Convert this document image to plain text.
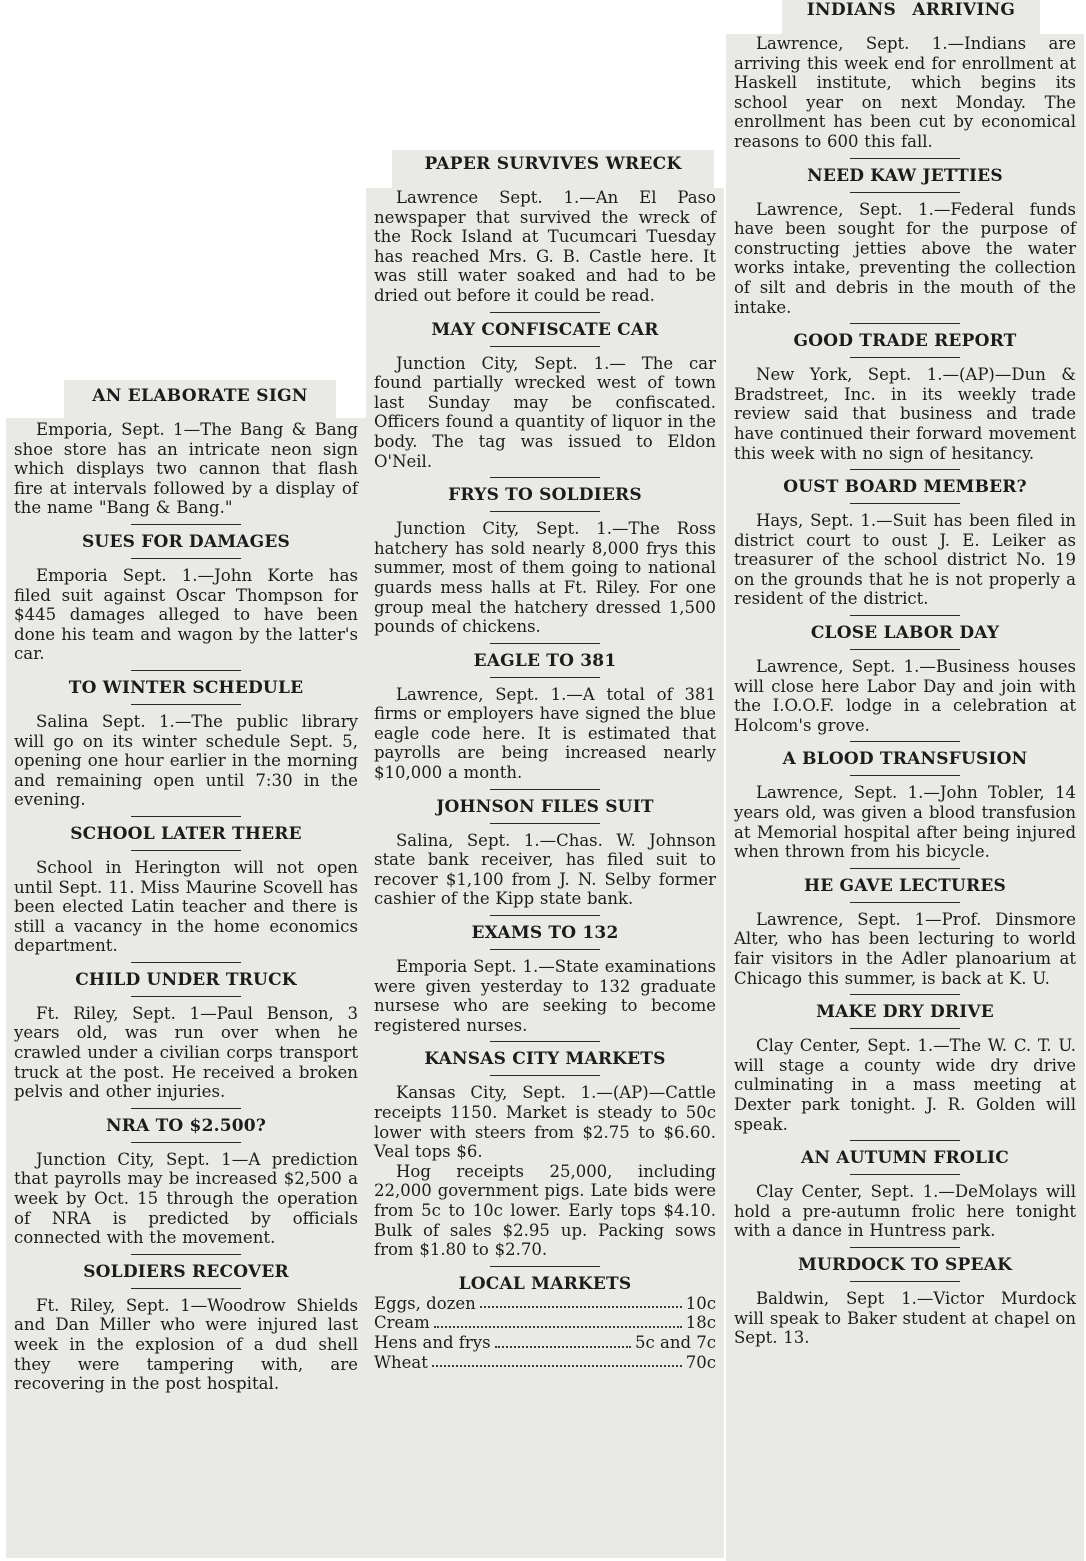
AN ELABORATE SIGN
PAPER SURVIVES WRECK
INDIANS ARRIVING

Emporia, Sept. 1—The Bang & Bang shoe store has an intricate neon sign which displays two cannon that flash fire at intervals followed by a display of the name "Bang & Bang."

SUES FOR DAMAGES

Emporia Sept. 1.—John Korte has filed suit against Oscar Thompson for $445 damages alleged to have been done his team and wagon by the latter's car.

TO WINTER SCHEDULE

Salina Sept. 1.—The public library will go on its winter schedule Sept. 5, opening one hour earlier in the morning and remaining open until 7:30 in the evening.

SCHOOL LATER THERE

School in Herington will not open until Sept. 11. Miss Maurine Scovell has been elected Latin teacher and there is still a vacancy in the home economics department.

CHILD UNDER TRUCK

Ft. Riley, Sept. 1—Paul Benson, 3 years old, was run over when he crawled under a civilian corps transport truck at the post. He received a broken pelvis and other injuries.

NRA TO $2.500?

Junction City, Sept. 1—A prediction that payrolls may be increased $2,500 a week by Oct. 15 through the operation of NRA is predicted by officials connected with the movement.

SOLDIERS RECOVER

Ft. Riley, Sept. 1—Woodrow Shields and Dan Miller who were injured last week in the explosion of a dud shell they were tampering with, are recovering in the post hospital.

Lawrence Sept. 1.—An El Paso newspaper that survived the wreck of the Rock Island at Tucumcari Tuesday has reached Mrs. G. B. Castle here. It was still water soaked and had to be dried out before it could be read.

MAY CONFISCATE CAR

Junction City, Sept. 1.— The car found partially wrecked west of town last Sunday may be confiscated. Officers found a quantity of liquor in the body. The tag was issued to Eldon O'Neil.

FRYS TO SOLDIERS

Junction City, Sept. 1.—The Ross hatchery has sold nearly 8,000 frys this summer, most of them going to national guards mess halls at Ft. Riley. For one group meal the hatchery dressed 1,500 pounds of chickens.

EAGLE TO 381

Lawrence, Sept. 1.—A total of 381 firms or employers have signed the blue eagle code here. It is estimated that payrolls are being increased nearly $10,000 a month.

JOHNSON FILES SUIT

Salina, Sept. 1.—Chas. W. Johnson state bank receiver, has filed suit to recover $1,100 from J. N. Selby former cashier of the Kipp state bank.

EXAMS TO 132

Emporia Sept. 1.—State examinations were given yesterday to 132 graduate nursese who are seeking to become registered nurses.

KANSAS CITY MARKETS

Kansas City, Sept. 1.—(AP)—Cattle receipts 1150. Market is steady to 50c lower with steers from $2.75 to $6.60. Veal tops $6.

Hog receipts 25,000, including 22,000 government pigs. Late bids were from 5c to 10c lower. Early tops $4.10. Bulk of sales $2.95 up. Packing sows from $1.80 to $2.70.

LOCAL MARKETS
Eggs, dozen	10c
Cream	18c
Hens and frys	5c and 7c
Wheat	70c

Lawrence, Sept. 1.—Indians are arriving this week end for enrollment at Haskell institute, which begins its school year on next Monday. The enrollment has been cut by economical reasons to 600 this fall.

NEED KAW JETTIES

Lawrence, Sept. 1.—Federal funds have been sought for the purpose of constructing jetties above the water works intake, preventing the collection of silt and debris in the mouth of the intake.

GOOD TRADE REPORT

New York, Sept. 1.—(AP)—Dun & Bradstreet, Inc. in its weekly trade review said that business and trade have continued their forward movement this week with no sign of hesitancy.

OUST BOARD MEMBER?

Hays, Sept. 1.—Suit has been filed in district court to oust J. E. Leiker as treasurer of the school district No. 19 on the grounds that he is not properly a resident of the district.

CLOSE LABOR DAY

Lawrence, Sept. 1.—Business houses will close here Labor Day and join with the I.O.O.F. lodge in a celebration at Holcom's grove.

A BLOOD TRANSFUSION

Lawrence, Sept. 1.—John Tobler, 14 years old, was given a blood transfusion at Memorial hospital after being injured when thrown from his bicycle.

HE GAVE LECTURES

Lawrence, Sept. 1—Prof. Dinsmore Alter, who has been lecturing to world fair visitors in the Adler planoarium at Chicago this summer, is back at K. U.

MAKE DRY DRIVE

Clay Center, Sept. 1.—The W. C. T. U. will stage a county wide dry drive culminating in a mass meeting at Dexter park tonight. J. R. Golden will speak.

AN AUTUMN FROLIC

Clay Center, Sept. 1.—DeMolays will hold a pre-autumn frolic here tonight with a dance in Huntress park.

MURDOCK TO SPEAK

Baldwin, Sept 1.—Victor Murdock will speak to Baker student at chapel on Sept. 13.
